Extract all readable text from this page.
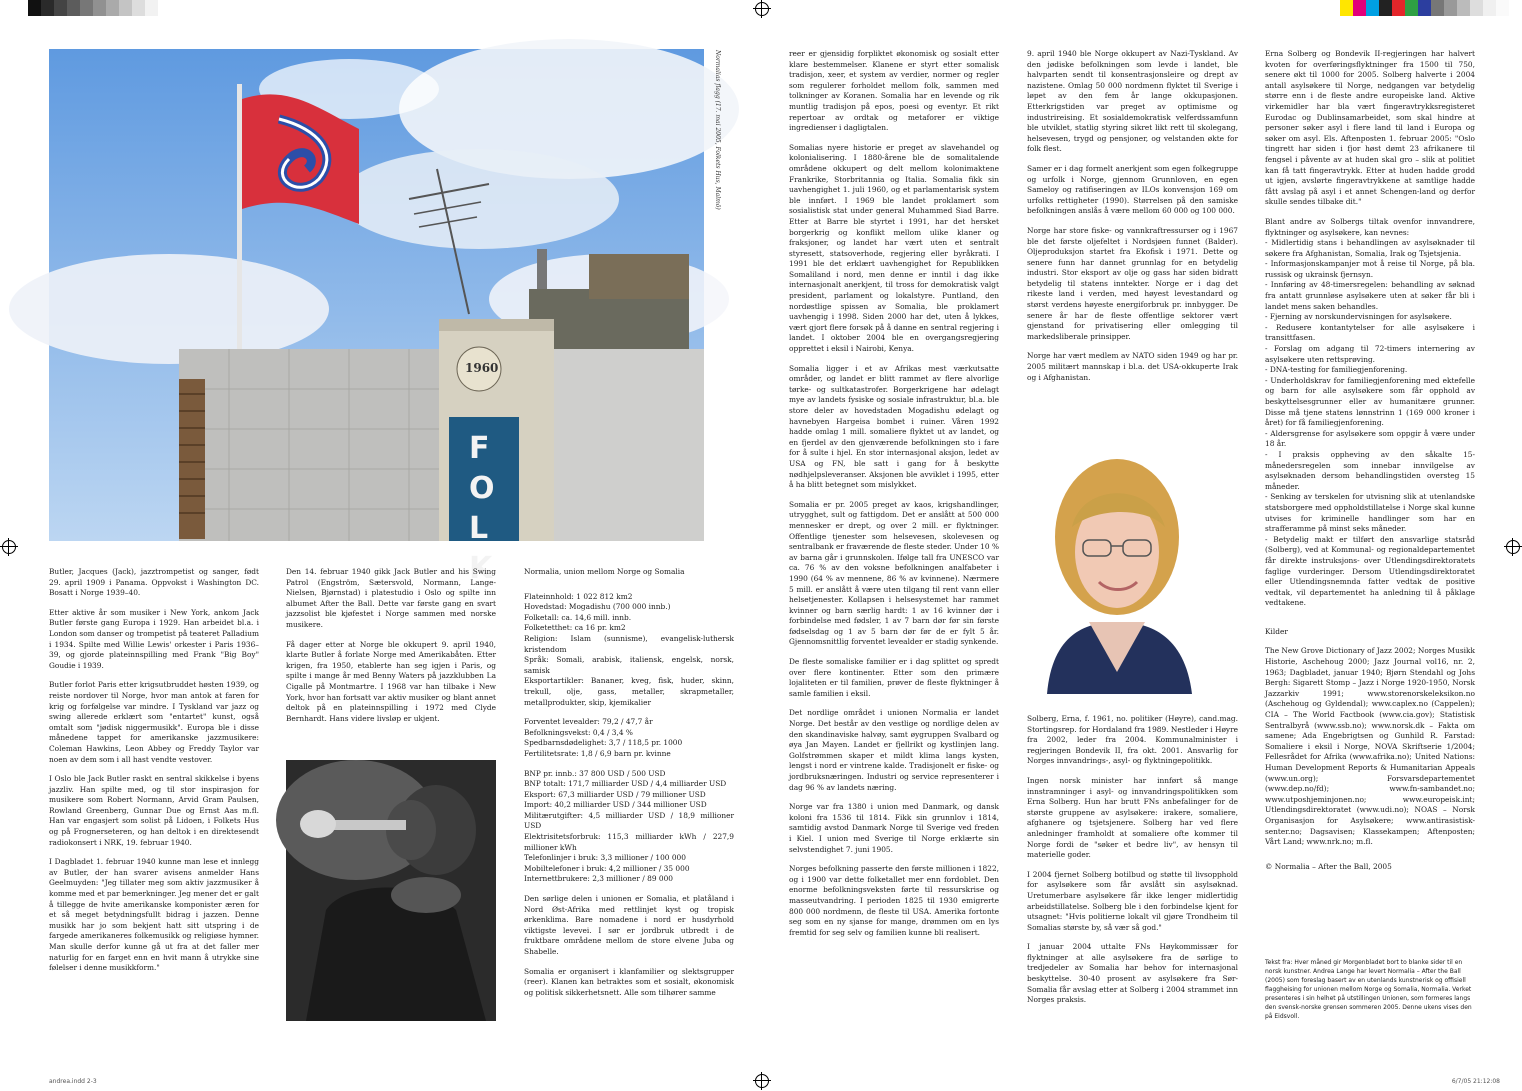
1960
FOLK
Normalias flagg (17. mai 2005, Folkets Hus, Malmö)

Butler, Jacques (Jack), jazztrompetist og sanger, født 29. april 1909 i Panama. Oppvokst i Washington DC. Bosatt i Norge 1939–40.

Etter aktive år som musiker i New York, ankom Jack Butler første gang Europa i 1929. Han arbeidet bl.a. i London som danser og trompetist på teateret Palladium i 1934. Spilte med Willie Lewis' orkester i Paris 1936–39, og gjorde plateinnspilling med Frank "Big Boy" Goudie i 1939.

Butler forlot Paris etter krigsutbruddet høsten 1939, og reiste nordover til Norge, hvor man antok at faren for krig og forfølgelse var mindre. I Tyskland var jazz og swing allerede erklært som "entartet" kunst, også omtalt som "jødisk niggermusikk". Europa ble i disse månedene tappet for amerikanske jazzmusikere: Coleman Hawkins, Leon Abbey og Freddy Taylor var noen av dem som i all hast vendte vestover.

I Oslo ble Jack Butler raskt en sentral skikkelse i byens jazzliv. Han spilte med, og til stor inspirasjon for musikere som Robert Normann, Arvid Gram Paulsen, Rowland Greenberg, Gunnar Due og Ernst Aas m.fl. Han var engasjert som solist på Lidoen, i Folkets Hus og på Frognerseteren, og han deltok i en direktesendt radiokonsert i NRK, 19. februar 1940.

I Dagbladet 1. februar 1940 kunne man lese et innlegg av Butler, der han svarer avisens anmelder Hans Geelmuyden: "Jeg tillater meg som aktiv jazzmusiker å komme med et par bemerkninger. Jeg mener det er galt å tillegge de hvite amerikanske komponister æren for et så meget betydningsfullt bidrag i jazzen. Denne musikk har jo som bekjent hatt sitt utspring i de fargede amerikaneres folkemusikk og religiøse hymner. Man skulle derfor kunne gå ut fra at det faller mer naturlig for en farget enn en hvit mann å utrykke sine følelser i denne musikkform."

Den 14. februar 1940 gikk Jack Butler and his Swing Patrol (Engström, Sætersvold, Normann, Lange-Nielsen, Bjørnstad) i platestudio i Oslo og spilte inn albumet After the Ball. Dette var første gang en svart jazzsolist ble kjøfestet i Norge sammen med norske musikere.

Få dager etter at Norge ble okkupert 9. april 1940, klarte Butler å forlate Norge med Amerikabåten. Etter krigen, fra 1950, etablerte han seg igjen i Paris, og spilte i mange år med Benny Waters på jazzklubben La Cigalle på Montmartre. I 1968 var han tilbake i New York, hvor han fortsatt var aktiv musiker og blant annet deltok på en plateinnspilling i 1972 med Clyde Bernhardt. Hans videre livsløp er ukjent.

Normalia, union mellom Norge og Somalia

Flateinnhold: 1 022 812 km2
Hovedstad: Mogadishu (700 000 innb.)
Folketall: ca. 14,6 mill. innb.
Folketetthet: ca 16 pr. km2
Religion: Islam (sunnisme), evangelisk-luthersk kristendom
Språk: Somali, arabisk, italiensk, engelsk, norsk, samisk
Eksportartikler: Bananer, kveg, fisk, huder, skinn, trekull, olje, gass, metaller, skrapmetaller, metallprodukter, skip, kjemikalier
Forventet levealder: 79,2 / 47,7 år
Befolkningsvekst: 0,4 / 3,4 %
Spedbarnsdødelighet: 3,7 / 118,5 pr. 1000
Fertilitetsrate: 1,8 / 6,9 barn pr. kvinne
BNP pr. innb.: 37 800 USD / 500 USD
BNP totalt: 171,7 milliarder USD / 4,4 milliarder USD
Eksport: 67,3 milliarder USD / 79 millioner USD
Import: 40,2 milliarder USD / 344 millioner USD
Militærutgifter: 4,5 milliarder USD / 18,9 millioner USD
Elektrisitetsforbruk: 115,3 milliarder kWh / 227,9 millioner kWh
Telefonlinjer i bruk: 3,3 millioner / 100 000
Mobiltelefoner i bruk: 4,2 millioner / 35 000
Internettbrukere: 2,3 millioner / 89 000

Den sørlige delen i unionen er Somalia, et platåland i Nord Øst-Afrika med rettlinjet kyst og tropisk ørkenklima. Bare nomadene i nord er husdyrhold viktigste levevei. I sør er jordbruk utbredt i de fruktbare områdene mellom de store elvene Juba og Shabelle.

Somalia er organisert i klanfamilier og slektsgrupper (reer). Klanen kan betraktes som et sosialt, økonomisk og politisk sikkerhetsnett. Alle som tilhører samme

reer er gjensidig forpliktet økonomisk og sosialt etter klare bestemmelser. Klanene er styrt etter somalisk tradisjon, xeer, et system av verdier, normer og regler som regulerer forholdet mellom folk, sammen med tolkninger av Koranen. Somalia har en levende og rik muntlig tradisjon på epos, poesi og eventyr. Et rikt repertoar av ordtak og metaforer er viktige ingredienser i dagligtalen.

Somalias nyere historie er preget av slavehandel og kolonialisering. I 1880-årene ble de somalitalende områdene okkupert og delt mellom kolonimaktene Frankrike, Storbritannia og Italia. Somalia fikk sin uavhengighet 1. juli 1960, og et parlamentarisk system ble innført. I 1969 ble landet proklamert som sosialistisk stat under general Muhammed Siad Barre. Etter at Barre ble styrtet i 1991, har det hersket borgerkrig og konflikt mellom ulike klaner og fraksjoner, og landet har vært uten et sentralt styresett, statsoverhode, regjering eller byråkrati. I 1991 ble det erklært uavhengighet for Republikken Somaliland i nord, men denne er inntil i dag ikke internasjonalt anerkjent, til tross for demokratisk valgt president, parlament og lokalstyre. Puntland, den nordøstlige spissen av Somalia, ble proklamert uavhengig i 1998. Siden 2000 har det, uten å lykkes, vært gjort flere forsøk på å danne en sentral regjering i landet. I oktober 2004 ble en overgangsregjering opprettet i eksil i Nairobi, Kenya.

Somalia ligger i et av Afrikas mest værkutsatte områder, og landet er blitt rammet av flere alvorlige tørke- og sultkatastrofer. Borgerkrigene har ødelagt mye av landets fysiske og sosiale infrastruktur, bl.a. ble store deler av hovedstaden Mogadishu ødelagt og havnebyen Hargeisa bombet i ruiner. Våren 1992 hadde omlag 1 mill. somaliere flyktet ut av landet, og en fjerdel av den gjenværende befolkningen sto i fare for å sulte i hjel. En stor internasjonal aksjon, ledet av USA og FN, ble satt i gang for å beskytte nødhjelpsleveranser. Aksjonen ble avviklet i 1995, etter å ha blitt betegnet som mislykket.

Somalia er pr. 2005 preget av kaos, krigshandlinger, utrygghet, sult og fattigdom. Det er anslått at 500 000 mennesker er drept, og over 2 mill. er flyktninger. Offentlige tjenester som helsevesen, skolevesen og sentralbank er fraværende de fleste steder. Under 10 % av barna går i grunnskolen. Ifølge tall fra UNESCO var ca. 76 % av den voksne befolkningen analfabeter i 1990 (64 % av mennene, 86 % av kvinnene). Nærmere 5 mill. er anslått å være uten tilgang til rent vann eller helsetjenester. Kollapsen i helsesystemet har rammet kvinner og barn særlig hardt: 1 av 16 kvinner dør i forbindelse med fødsler, 1 av 7 barn dør før sin første fødselsdag og 1 av 5 barn dør før de er fylt 5 år. Gjennomsnittlig forventet levealder er stadig synkende.

De fleste somaliske familier er i dag splittet og spredt over flere kontinenter. Etter som den primære lojaliteten er til familien, prøver de fleste flyktninger å samle familien i eksil.

Det nordlige området i unionen Normalia er landet Norge. Det består av den vestlige og nordlige delen av den skandinaviske halvøy, samt øygruppen Svalbard og øya Jan Mayen. Landet er fjellrikt og kystlinjen lang. Golfstrømmen skaper et mildt klima langs kysten, lengst i nord er vintrene kalde. Tradisjonelt er fiske- og jordbruksnæringen. Industri og service representerer i dag 96 % av landets næring.

Norge var fra 1380 i union med Danmark, og dansk koloni fra 1536 til 1814. Fikk sin grunnlov i 1814, samtidig avstod Danmark Norge til Sverige ved freden i Kiel. I union med Sverige til Norge erklærte sin selvstendighet 7. juni 1905.

Norges befolkning passerte den første millionen i 1822, og i 1900 var dette folketallet mer enn fordoblet. Den enorme befolkningsveksten førte til ressurskrise og masseutvandring. I perioden 1825 til 1930 emigrerte 800 000 nordmenn, de fleste til USA. Amerika fortonte seg som en ny sjanse for mange, drømmen om en lys fremtid for seg selv og familien kunne bli realisert.

9. april 1940 ble Norge okkupert av Nazi-Tyskland. Av den jødiske befolkningen som levde i landet, ble halvparten sendt til konsentrasjonsleire og drept av nazistene. Omlag 50 000 nordmenn flyktet til Sverige i løpet av den fem år lange okkupasjonen. Etterkrigstiden var preget av optimisme og industrireising. Et sosialdemokratisk velferdssamfunn ble utviklet, statlig styring sikret likt rett til skolegang, helsevesen, trygd og pensjoner, og velstanden økte for folk flest.

Samer er i dag formelt anerkjent som egen folkegruppe og urfolk i Norge, gjennom Grunnloven, en egen Sameloy og ratifiseringen av ILOs konvensjon 169 om urfolks rettigheter (1990). Størrelsen på den samiske befolkningen anslås å være mellom 60 000 og 100 000.

Norge har store fiske- og vannkraftressurser og i 1967 ble det første oljefeltet i Nordsjøen funnet (Balder). Oljeproduksjon startet fra Ekofisk i 1971. Dette og senere funn har dannet grunnlag for en betydelig industri. Stor eksport av olje og gass har siden bidratt betydelig til statens inntekter. Norge er i dag det rikeste land i verden, med høyest levestandard og størst verdens høyeste energiforbruk pr. innbygger. De senere år har de fleste offentlige sektorer vært gjenstand for privatisering eller omlegging til markedsliberale prinsipper.

Norge har vært medlem av NATO siden 1949 og har pr. 2005 militært mannskap i bl.a. det USA-okkuperte Irak og i Afghanistan.

Solberg, Erna, f. 1961, no. politiker (Høyre), cand.mag. Stortingsrep. for Hordaland fra 1989. Nestleder i Høyre fra 2002, leder fra 2004. Kommunalminister i regjeringen Bondevik II, fra okt. 2001. Ansvarlig for Norges innvandrings-, asyl- og flyktningepolitikk.

Ingen norsk minister har innført så mange innstramninger i asyl- og innvandringspolitikken som Erna Solberg. Hun har brutt FNs anbefalinger for de største gruppene av asylsøkere: irakere, somaliere, afghanere og tsjetsjenere. Solberg har ved flere anledninger framholdt at somaliere ofte kommer til Norge fordi de "søker et bedre liv", av hensyn til materielle goder.

I 2004 fjernet Solberg botilbud og støtte til livsopphold for asylsøkere som får avslått sin asylsøknad. Uretumerbare asylsøkere får ikke lenger midlertidig arbeidstillatelse. Solberg ble i den forbindelse kjent for utsagnet: "Hvis politierne lokalt vil gjøre Trondheim til Somalias største by, så vær så god."

I januar 2004 uttalte FNs Høykommissær for flyktninger at alle asylsøkere fra de sørlige to tredjedeler av Somalia har behov for internasjonal beskyttelse. 30-40 prosent av asylsøkere fra Sør-Somalia får avslag etter at Solberg i 2004 strammet inn Norges praksis.

Erna Solberg og Bondevik II-regjeringen har halvert kvoten for overføringsflyktninger fra 1500 til 750, senere økt til 1000 for 2005. Solberg halverte i 2004 antall asylsøkere til Norge, nedgangen var betydelig større enn i de fleste andre europeiske land. Aktive virkemidler har bla vært fingeravtrykksregisteret Eurodac og Dublinsamarbeidet, som skal hindre at personer søker asyl i flere land til land i Europa og søker om asyl. Els. Aftenposten 1. februar 2005: "Oslo tingrett har siden i fjor høst dømt 23 afrikanere til fengsel i påvente av at huden skal gro – slik at politiet kan få tatt fingeravtrykk. Etter at huden hadde grodd ut igjen, avslørte fingeravtrykkene at samtlige hadde fått avslag på asyl i et annet Schengen-land og derfor skulle sendes tilbake dit."

Blant andre av Solbergs tiltak ovenfor innvandrere, flyktninger og asylsøkere, kan nevnes:

- Midlertidig stans i behandlingen av asylsøknader til søkere fra Afghanistan, Somalia, Irak og Tsjetsjenia.
- Informasjonskampanjer mot å reise til Norge, på bla. russisk og ukrainsk fjernsyn.
- Innføring av 48-timersregelen: behandling av søknad fra antatt grunnløse asylsøkere uten at søker får bli i landet mens saken behandles.
- Fjerning av norskundervisningen for asylsøkere.
- Redusere kontantytelser for alle asylsøkere i transittfasen.
- Forslag om adgang til 72-timers internering av asylsøkere uten rettsprøving.
- DNA-testing for familiegjenforening.
- Underholdskrav for familiegjenforening med ektefelle og barn for alle asylsøkere som får opphold av beskyttelsesgrunner eller av humanitære grunner. Disse må tjene statens lønnstrinn 1 (169 000 kroner i året) for få familiegjenforening.
- Aldersgrense for asylsøkere som oppgir å være under 18 år.
- I praksis oppheving av den såkalte 15-månedersregelen som innebar innvilgelse av asylsøknaden dersom behandlingstiden oversteg 15 måneder.
- Senking av terskelen for utvisning slik at utenlandske statsborgere med oppholdstillatelse i Norge skal kunne utvises for kriminelle handlinger som har en strafferamme på minst seks måneder.
- Betydelig makt er tilført den ansvarlige statsråd (Solberg), ved at Kommunal- og regionaldepartementet får direkte instruksjons- over Utlendingsdirektoratets faglige vurderinger. Dersom Utlendingsdirektoratet eller Utlendingsnemnda fatter vedtak de positive vedtak, vil departementet ha anledning til å påklage vedtakene.

Kilder

The New Grove Dictionary of Jazz 2002; Norges Musikk Historie, Aschehoug 2000; Jazz Journal vol16, nr. 2, 1963; Dagbladet, januar 1940; Bjørn Stendahl og Johs Bergh: Sigarett Stomp – Jazz i Norge 1920-1950, Norsk Jazzarkiv 1991; www.storenorskeleksikon.no (Aschehoug og Gyldendal); www.caplex.no (Cappelen); CIA – The World Factbook (www.cia.gov); Statistisk Sentralbyrå (www.ssb.no); www.norsk.dk – Fakta om samene; Ada Engebrigtsen og Gunhild R. Farstad: Somaliere i eksil i Norge, NOVA Skriftserie 1/2004; Fellesrådet for Afrika (www.afrika.no); United Nations: Human Development Reports & Humanitarian Appeals (www.un.org); Forsvarsdepartementet (www.dep.no/fd); www.fn-sambandet.no; www.utposhjeminjonen.no; www.europeisk.int; Utlendingsdirektoratet (www.udi.no); NOAS – Norsk Organisasjon for Asylsøkere; www.antirasistisk-senter.no; Dagsavisen; Klassekampen; Aftenposten; Vårt Land; www.nrk.no; m.fl.

© Normalia – After the Ball, 2005

Tekst fra: Hver måned gir Morgenbladet bort to blanke sider til en norsk kunstner. Andrea Lange har levert Normalia – After the Ball (2005) som foreslag basert av en utenlands kunstnerisk og offisiell flaggheising for unionen mellom Norge og Somalia, Normalia. Verket presenteres i sin helhet på utstillingen Unionen, som formeres langs den svensk-norske grensen sommeren 2005. Denne ukens vises den på Eidsvoll.
andrea.indd 2-3	6/7/05 21:12:08
